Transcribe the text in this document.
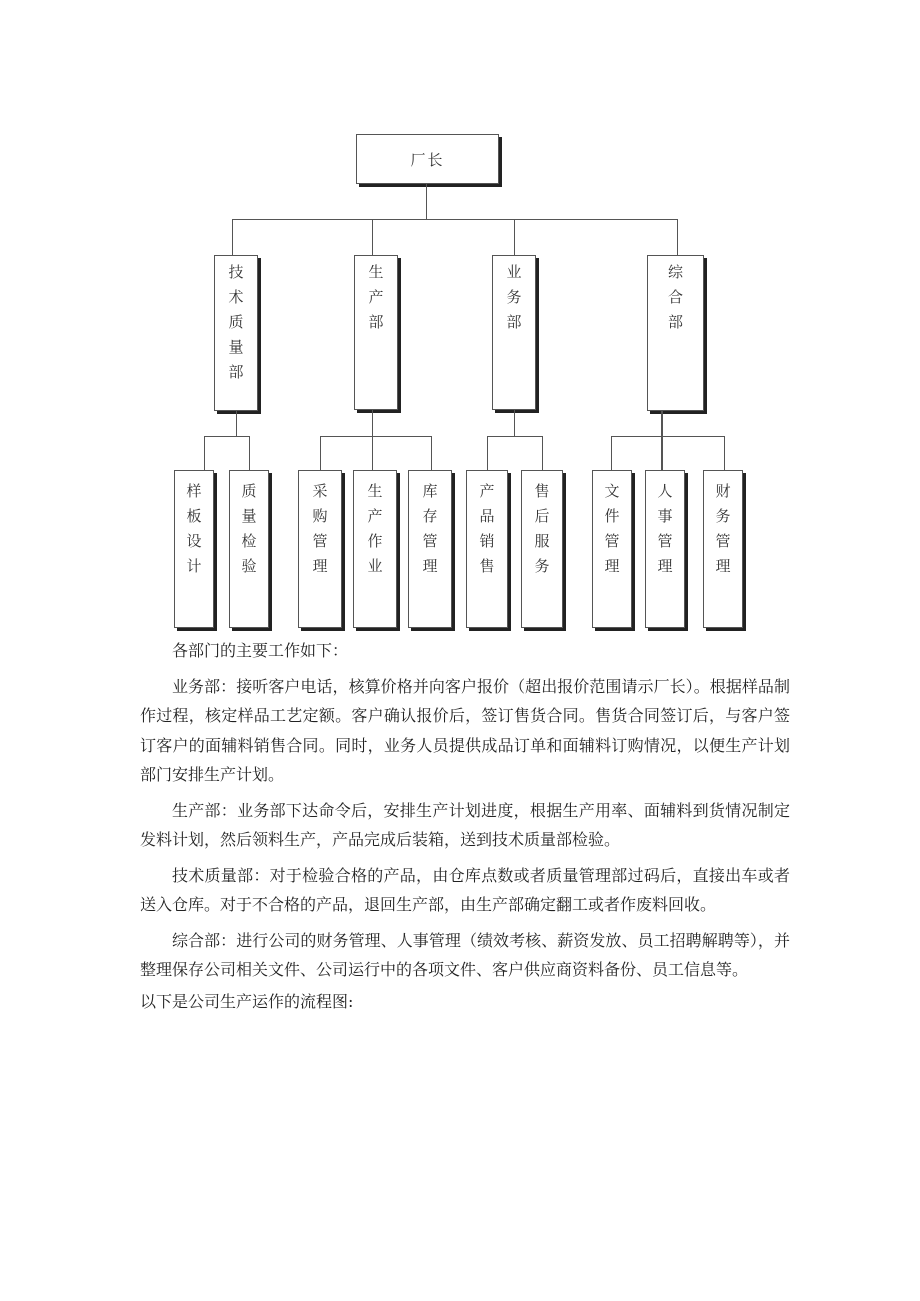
厂长
技术质量部
生产部
业务部
综合部
样板设计
质量检验
采购管理
生产作业
库存管理
产品销售
售后服务
文件管理
人事管理
财务管理

各部门的主要工作如下：

业务部：接听客户电话，核算价格并向客户报价（超出报价范围请示厂长）。根据样品制作过程，核定样品工艺定额。客户确认报价后，签订售货合同。售货合同签订后，与客户签订客户的面辅料销售合同。同时，业务人员提供成品订单和面辅料订购情况，以便生产计划部门安排生产计划。

生产部：业务部下达命令后，安排生产计划进度，根据生产用率、面辅料到货情况制定发料计划，然后领料生产，产品完成后装箱，送到技术质量部检验。

技术质量部：对于检验合格的产品，由仓库点数或者质量管理部过码后，直接出车或者送入仓库。对于不合格的产品，退回生产部，由生产部确定翻工或者作废料回收。

综合部：进行公司的财务管理、人事管理（绩效考核、薪资发放、员工招聘解聘等），并整理保存公司相关文件、公司运行中的各项文件、客户供应商资料备份、员工信息等。

以下是公司生产运作的流程图:
